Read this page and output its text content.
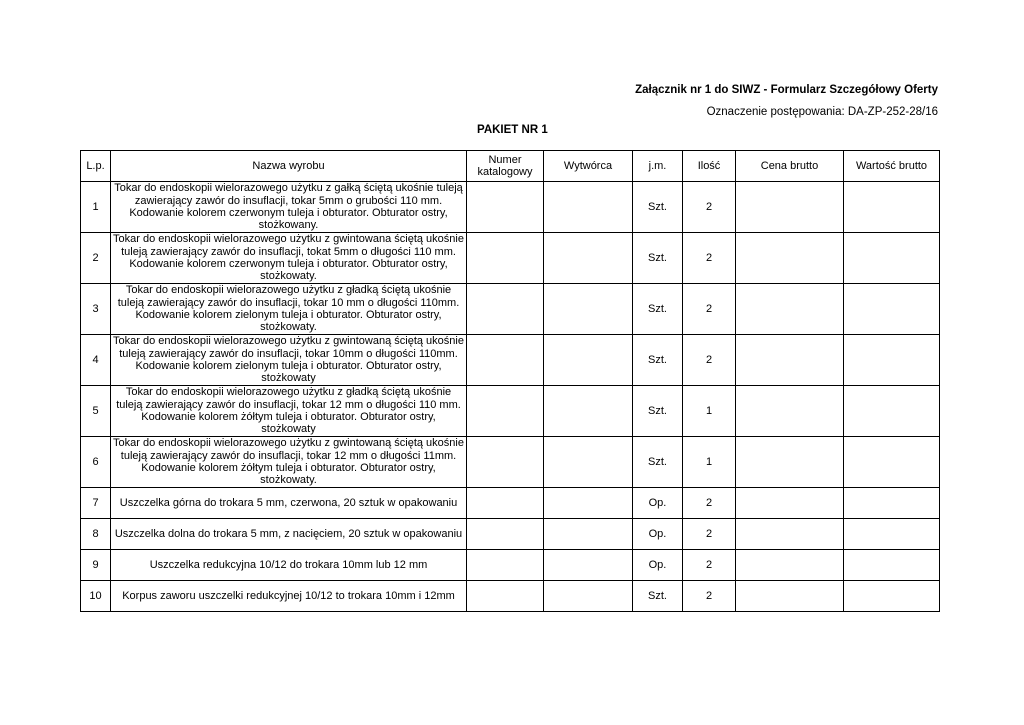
Załącznik nr 1 do SIWZ - Formularz Szczegółowy Oferty
Oznaczenie postępowania: DA-ZP-252-28/16
PAKIET NR 1
L.p.	Nazwa wyrobu	Numer katalogowy	Wytwórca	j.m.	Ilość	Cena brutto	Wartość brutto
1	Tokar do endoskopii wielorazowego użytku z gałką ściętą ukośnie tuleją zawierający zawór do insuflacji, tokar 5mm o grubości 110 mm. Kodowanie kolorem czerwonym tuleja i obturator. Obturator ostry, stożkowany.			Szt.	2		
2	Tokar do endoskopii wielorazowego użytku z gwintowana ściętą ukośnie tuleją zawierający zawór do insuflacji, tokat 5mm o długości 110 mm. Kodowanie kolorem czerwonym tuleja i obturator. Obturator ostry, stożkowaty.			Szt.	2		
3	Tokar do endoskopii wielorazowego użytku z gładką ściętą ukośnie tuleją zawierający zawór do insuflacji, tokar 10 mm o długości 110mm. Kodowanie kolorem zielonym tuleja i obturator. Obturator ostry, stożkowaty.			Szt.	2		
4	Tokar do endoskopii wielorazowego użytku z gwintowaną ściętą ukośnie tuleją zawierający zawór do insuflacji, tokar 10mm o długości 110mm. Kodowanie kolorem zielonym tuleja i obturator. Obturator ostry, stożkowaty			Szt.	2		
5	Tokar do endoskopii wielorazowego użytku z gładką ściętą ukośnie tuleją zawierający zawór do insuflacji, tokar 12 mm o długości 110 mm. Kodowanie kolorem żółtym tuleja i obturator. Obturator ostry, stożkowaty			Szt.	1		
6	Tokar do endoskopii wielorazowego użytku z gwintowaną ściętą ukośnie tuleją zawierający zawór do insuflacji, tokar 12 mm o długości 11mm. Kodowanie kolorem żółtym tuleja i obturator. Obturator ostry, stożkowaty.			Szt.	1		
7	Uszczelka górna do trokara 5 mm, czerwona, 20 sztuk w opakowaniu			Op.	2		
8	Uszczelka dolna do trokara 5 mm, z nacięciem, 20 sztuk w opakowaniu			Op.	2		
9	Uszczelka redukcyjna 10/12 do trokara 10mm lub 12 mm			Op.	2		
10	Korpus zaworu uszczelki redukcyjnej 10/12 to trokara 10mm i 12mm			Szt.	2		
